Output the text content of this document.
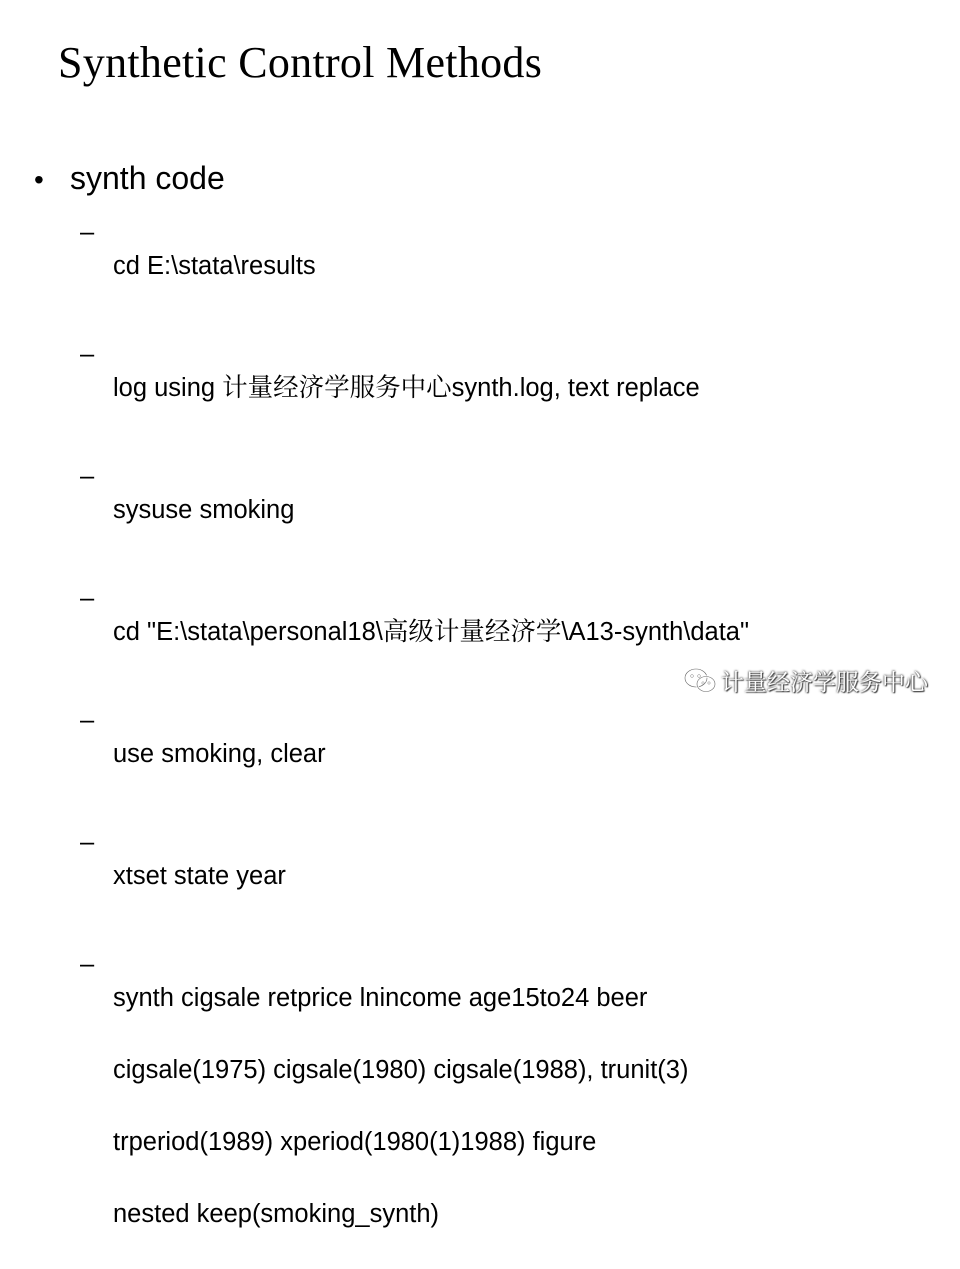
Synthetic Control Methods
• synth code
–

cd E:\stata\results

–

log using 计量经济学服务中心synth.log, text replace

–

sysuse smoking

–

cd "E:\stata\personal18\高级计量经济学\A13-synth\data"

–

use smoking, clear

–

xtset state year

–

synth cigsale retprice lnincome age15to24 beer

cigsale(1975) cigsale(1980) cigsale(1988), trunit(3)

trperiod(1989) xperiod(1980(1)1988) figure

nested keep(smoking_synth)

计量经济学服务中心
